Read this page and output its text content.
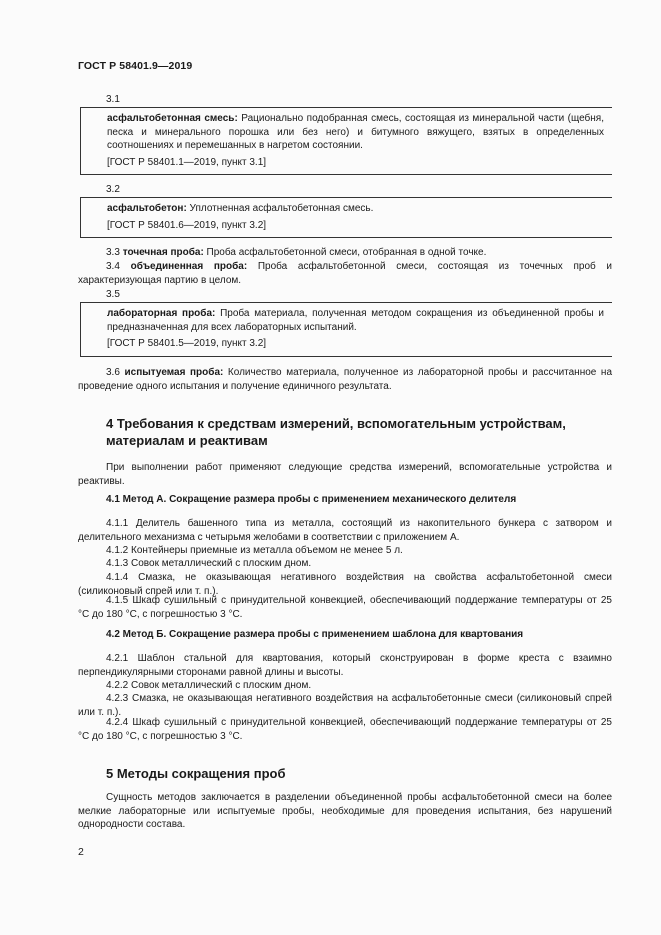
ГОСТ Р 58401.9—2019
3.1

асфальтобетонная смесь: Рационально подобранная смесь, состоящая из минеральной части (щебня, песка и минерального порошка или без него) и битумного вяжущего, взятых в определенных соотношениях и перемешанных в нагретом состоянии.

[ГОСТ Р 58401.1—2019, пункт 3.1]

3.2

асфальтобетон: Уплотненная асфальтобетонная смесь.

[ГОСТ Р 58401.6—2019, пункт 3.2]

3.3 точечная проба: Проба асфальтобетонной смеси, отобранная в одной точке.

3.4 объединенная проба: Проба асфальтобетонной смеси, состоящая из точечных проб и характеризующая партию в целом.

3.5

лабораторная проба: Проба материала, полученная методом сокращения из объединенной пробы и предназначенная для всех лабораторных испытаний.

[ГОСТ Р 58401.5—2019, пункт 3.2]

3.6 испытуемая проба: Количество материала, полученное из лабораторной пробы и рассчитанное на проведение одного испытания и получение единичного результата.

4 Требования к средствам измерений, вспомогательным устройствам,
материалам и реактивам

При выполнении работ применяют следующие средства измерений, вспомогательные устройства и реактивы.

4.1 Метод А. Сокращение размера пробы с применением механического делителя

4.1.1 Делитель башенного типа из металла, состоящий из накопительного бункера с затвором и делительного механизма с четырьмя желобами в соответствии с приложением А.

4.1.2 Контейнеры приемные из металла объемом не менее 5 л.

4.1.3 Совок металлический с плоским дном.

4.1.4 Смазка, не оказывающая негативного воздействия на свойства асфальтобетонной смеси (силиконовый спрей или т. п.).

4.1.5 Шкаф сушильный с принудительной конвекцией, обеспечивающий поддержание температуры от 25 °С до 180 °С, с погрешностью 3 °С.

4.2 Метод Б. Сокращение размера пробы с применением шаблона для квартования

4.2.1 Шаблон стальной для квартования, который сконструирован в форме креста с взаимно перпендикулярными сторонами равной длины и высоты.

4.2.2 Совок металлический с плоским дном.

4.2.3 Смазка, не оказывающая негативного воздействия на асфальтобетонные смеси (силиконовый спрей или т. п.).

4.2.4 Шкаф сушильный с принудительной конвекцией, обеспечивающий поддержание температуры от 25 °С до 180 °С, с погрешностью 3 °С.

5 Методы сокращения проб

Сущность методов заключается в разделении объединенной пробы асфальтобетонной смеси на более мелкие лабораторные или испытуемые пробы, необходимые для проведения испытания, без нарушений однородности состава.

2
